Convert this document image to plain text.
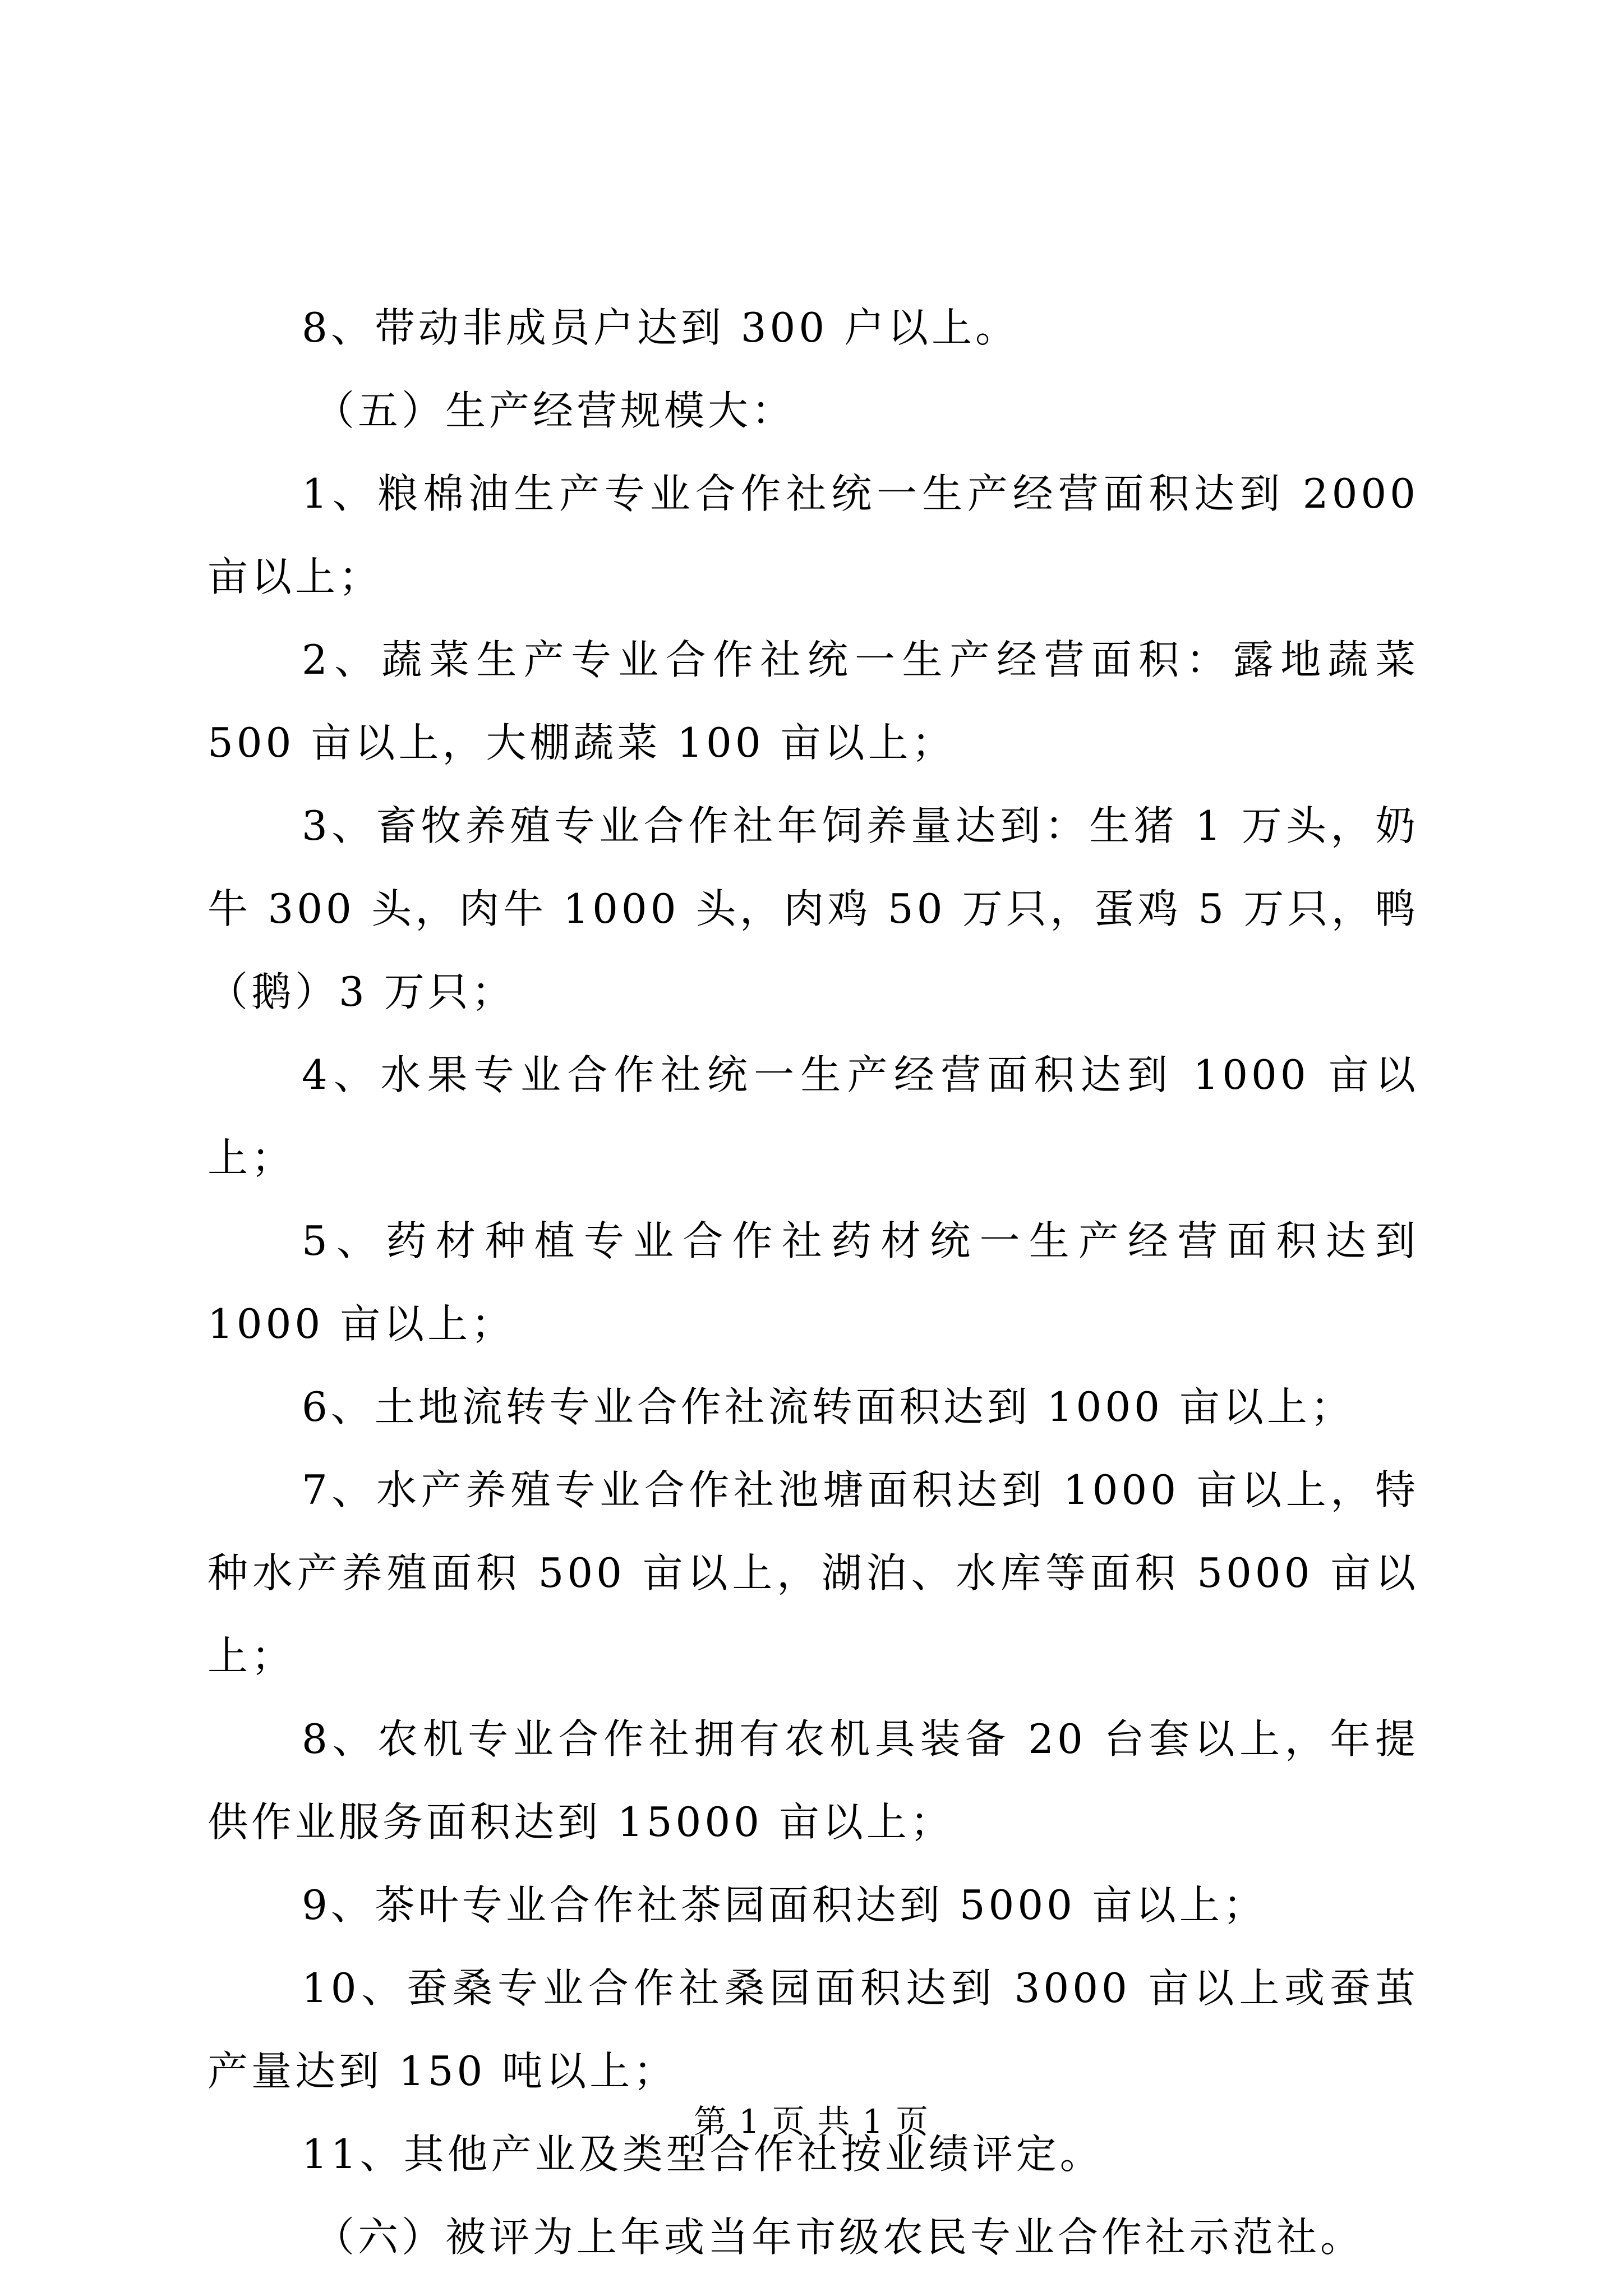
8、带动非成员户达到 300 户以上。

（五）生产经营规模大：

1、粮棉油生产专业合作社统一生产经营面积达到 2000 亩以上；

2、蔬菜生产专业合作社统一生产经营面积：露地蔬菜 500 亩以上，大棚蔬菜 100 亩以上；

3、畜牧养殖专业合作社年饲养量达到：生猪 1 万头，奶牛 300 头，肉牛 1000 头，肉鸡 50 万只，蛋鸡 5 万只，鸭（鹅）3 万只；

4、水果专业合作社统一生产经营面积达到 1000 亩以上；

5、药材种植专业合作社药材统一生产经营面积达到 1000 亩以上；

6、土地流转专业合作社流转面积达到 1000 亩以上；

7、水产养殖专业合作社池塘面积达到 1000 亩以上，特种水产养殖面积 500 亩以上，湖泊、水库等面积 5000 亩以上；

8、农机专业合作社拥有农机具装备 20 台套以上，年提供作业服务面积达到 15000 亩以上；

9、茶叶专业合作社茶园面积达到 5000 亩以上；

10、蚕桑专业合作社桑园面积达到 3000 亩以上或蚕茧产量达到 150 吨以上；

11、其他产业及类型合作社按业绩评定。

（六）被评为上年或当年市级农民专业合作社示范社。

第 1 页 共 1 页
